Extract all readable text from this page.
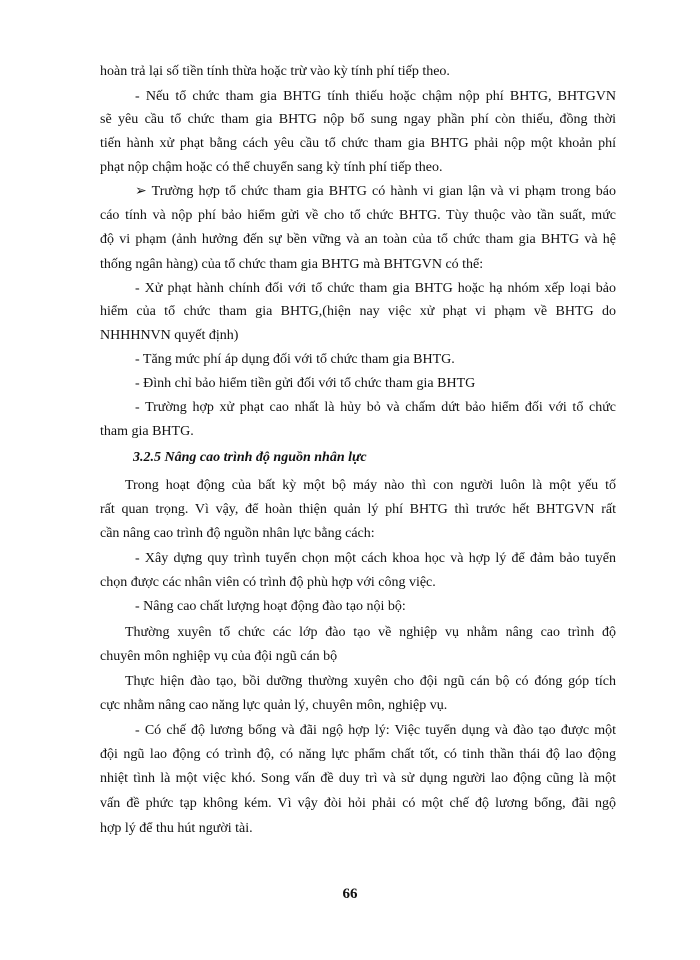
hoàn trả lại số tiền tính thừa hoặc trừ vào kỳ tính phí tiếp theo.
- Nếu tổ chức tham gia BHTG tính thiếu hoặc chậm nộp phí BHTG, BHTGVN
sẽ yêu cầu tổ chức tham gia BHTG nộp bổ sung ngay phần phí còn thiếu, đồng thời
tiến hành xử phạt bằng cách yêu cầu tổ chức tham gia BHTG phải nộp một khoản phí
phạt nộp chậm hoặc có thể chuyển sang kỳ tính phí tiếp theo.
➢ Trường hợp tổ chức tham gia BHTG có hành vi gian lận và vi phạm trong báo
cáo tính và nộp phí bảo hiểm gửi về cho tổ chức BHTG. Tùy thuộc vào tần suất, mức
độ vi phạm (ảnh hưởng đến sự bền vững và an toàn của tổ chức tham gia BHTG và hệ
thống ngân hàng) của tổ chức tham gia BHTG mà BHTGVN có thể:
- Xử phạt hành chính đối với tổ chức tham gia BHTG hoặc hạ nhóm xếp loại bảo
hiểm của tổ chức tham gia BHTG,(hiện nay việc xử phạt vi phạm về BHTG do
NHHHNVN quyết định)
- Tăng mức phí áp dụng đối với tổ chức tham gia BHTG.
- Đình chỉ bảo hiểm tiền gửi đối với tổ chức tham gia BHTG
- Trường hợp xử phạt cao nhất là hủy bỏ và chấm dứt bảo hiểm đối với tổ chức
tham gia BHTG.
3.2.5 Nâng cao trình độ nguồn nhân lực
Trong hoạt động của bất kỳ một bộ máy nào thì con người luôn là một yếu tố
rất quan trọng. Vì vậy, để hoàn thiện quản lý phí BHTG thì trước hết BHTGVN rất
cần nâng cao trình độ nguồn nhân lực bằng cách:
- Xây dựng quy trình tuyển chọn một cách khoa học và hợp lý để đảm bảo tuyển
chọn được các nhân viên có trình độ phù hợp với công việc.
- Nâng cao chất lượng hoạt động đào tạo nội bộ:
Thường xuyên tổ chức các lớp đào tạo về nghiệp vụ nhằm nâng cao trình độ
chuyên môn nghiệp vụ của đội ngũ cán bộ
Thực hiện đào tạo, bồi dưỡng thường xuyên cho đội ngũ cán bộ có đóng góp tích
cực nhằm nâng cao năng lực quản lý, chuyên môn, nghiệp vụ.
- Có chế độ lương bổng và đãi ngộ hợp lý: Việc tuyển dụng và đào tạo được một
đội ngũ lao động có trình độ, có năng lực phẩm chất tốt, có tinh thần thái độ lao động
nhiệt tình là một việc khó. Song vấn đề duy trì và sử dụng người lao động cũng là một
vấn đề phức tạp không kém. Vì vậy đòi hỏi phải có một chế độ lương bổng, đãi ngộ
hợp lý để thu hút người tài.
66
